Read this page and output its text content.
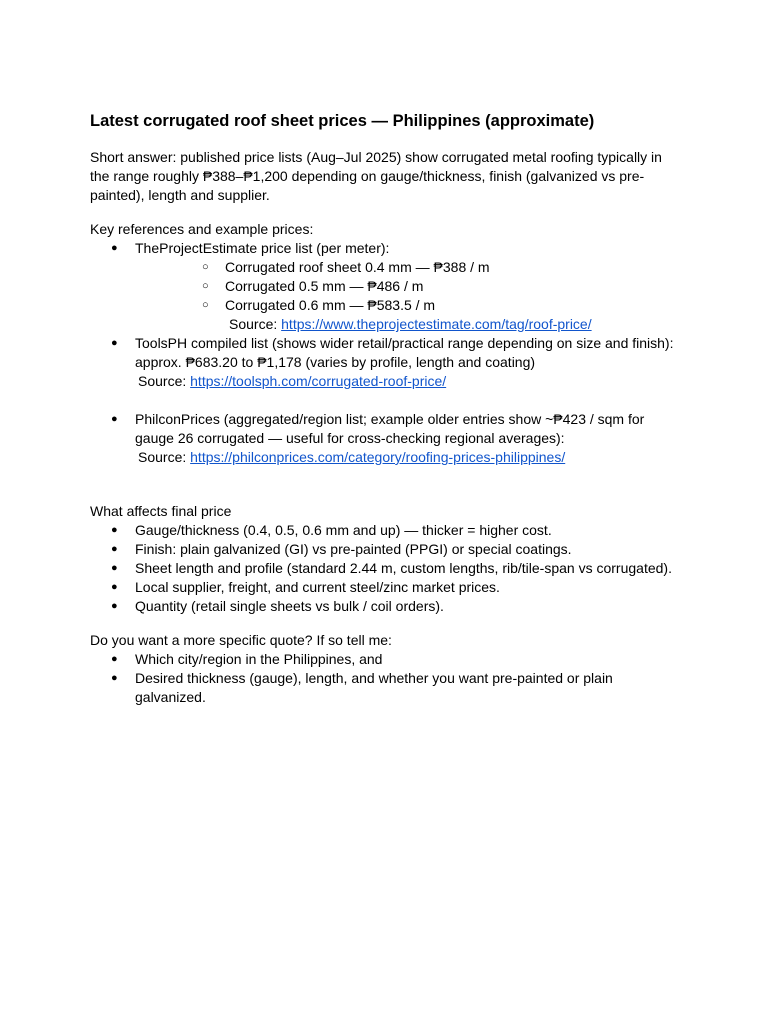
Latest corrugated roof sheet prices — Philippines (approximate)

Short answer: published price lists (Aug–Jul 2025) show corrugated metal roofing typically in the range roughly ₱388–₱1,200 depending on gauge/thickness, finish (galvanized vs pre-painted), length and supplier.

Key references and example prices:

● TheProjectEstimate price list (per meter):
○ Corrugated roof sheet 0.4 mm — ₱388 / m
○ Corrugated 0.5 mm — ₱486 / m
○ Corrugated 0.6 mm — ₱583.5 / m
Source: https://www.theprojectestimate.com/tag/roof-price/
● ToolsPH compiled list (shows wider retail/practical range depending on size and finish): approx. ₱683.20 to ₱1,178 (varies by profile, length and coating)
Source: https://toolsph.com/corrugated-roof-price/
● PhilconPrices (aggregated/region list; example older entries show ~₱423 / sqm for gauge 26 corrugated — useful for cross-checking regional averages):
Source: https://philconprices.com/category/roofing-prices-philippines/

What affects final price

● Gauge/thickness (0.4, 0.5, 0.6 mm and up) — thicker = higher cost.
● Finish: plain galvanized (GI) vs pre-painted (PPGI) or special coatings.
● Sheet length and profile (standard 2.44 m, custom lengths, rib/tile-span vs corrugated).
● Local supplier, freight, and current steel/zinc market prices.
● Quantity (retail single sheets vs bulk / coil orders).

Do you want a more specific quote? If so tell me:

● Which city/region in the Philippines, and
● Desired thickness (gauge), length, and whether you want pre-painted or plain galvanized.
